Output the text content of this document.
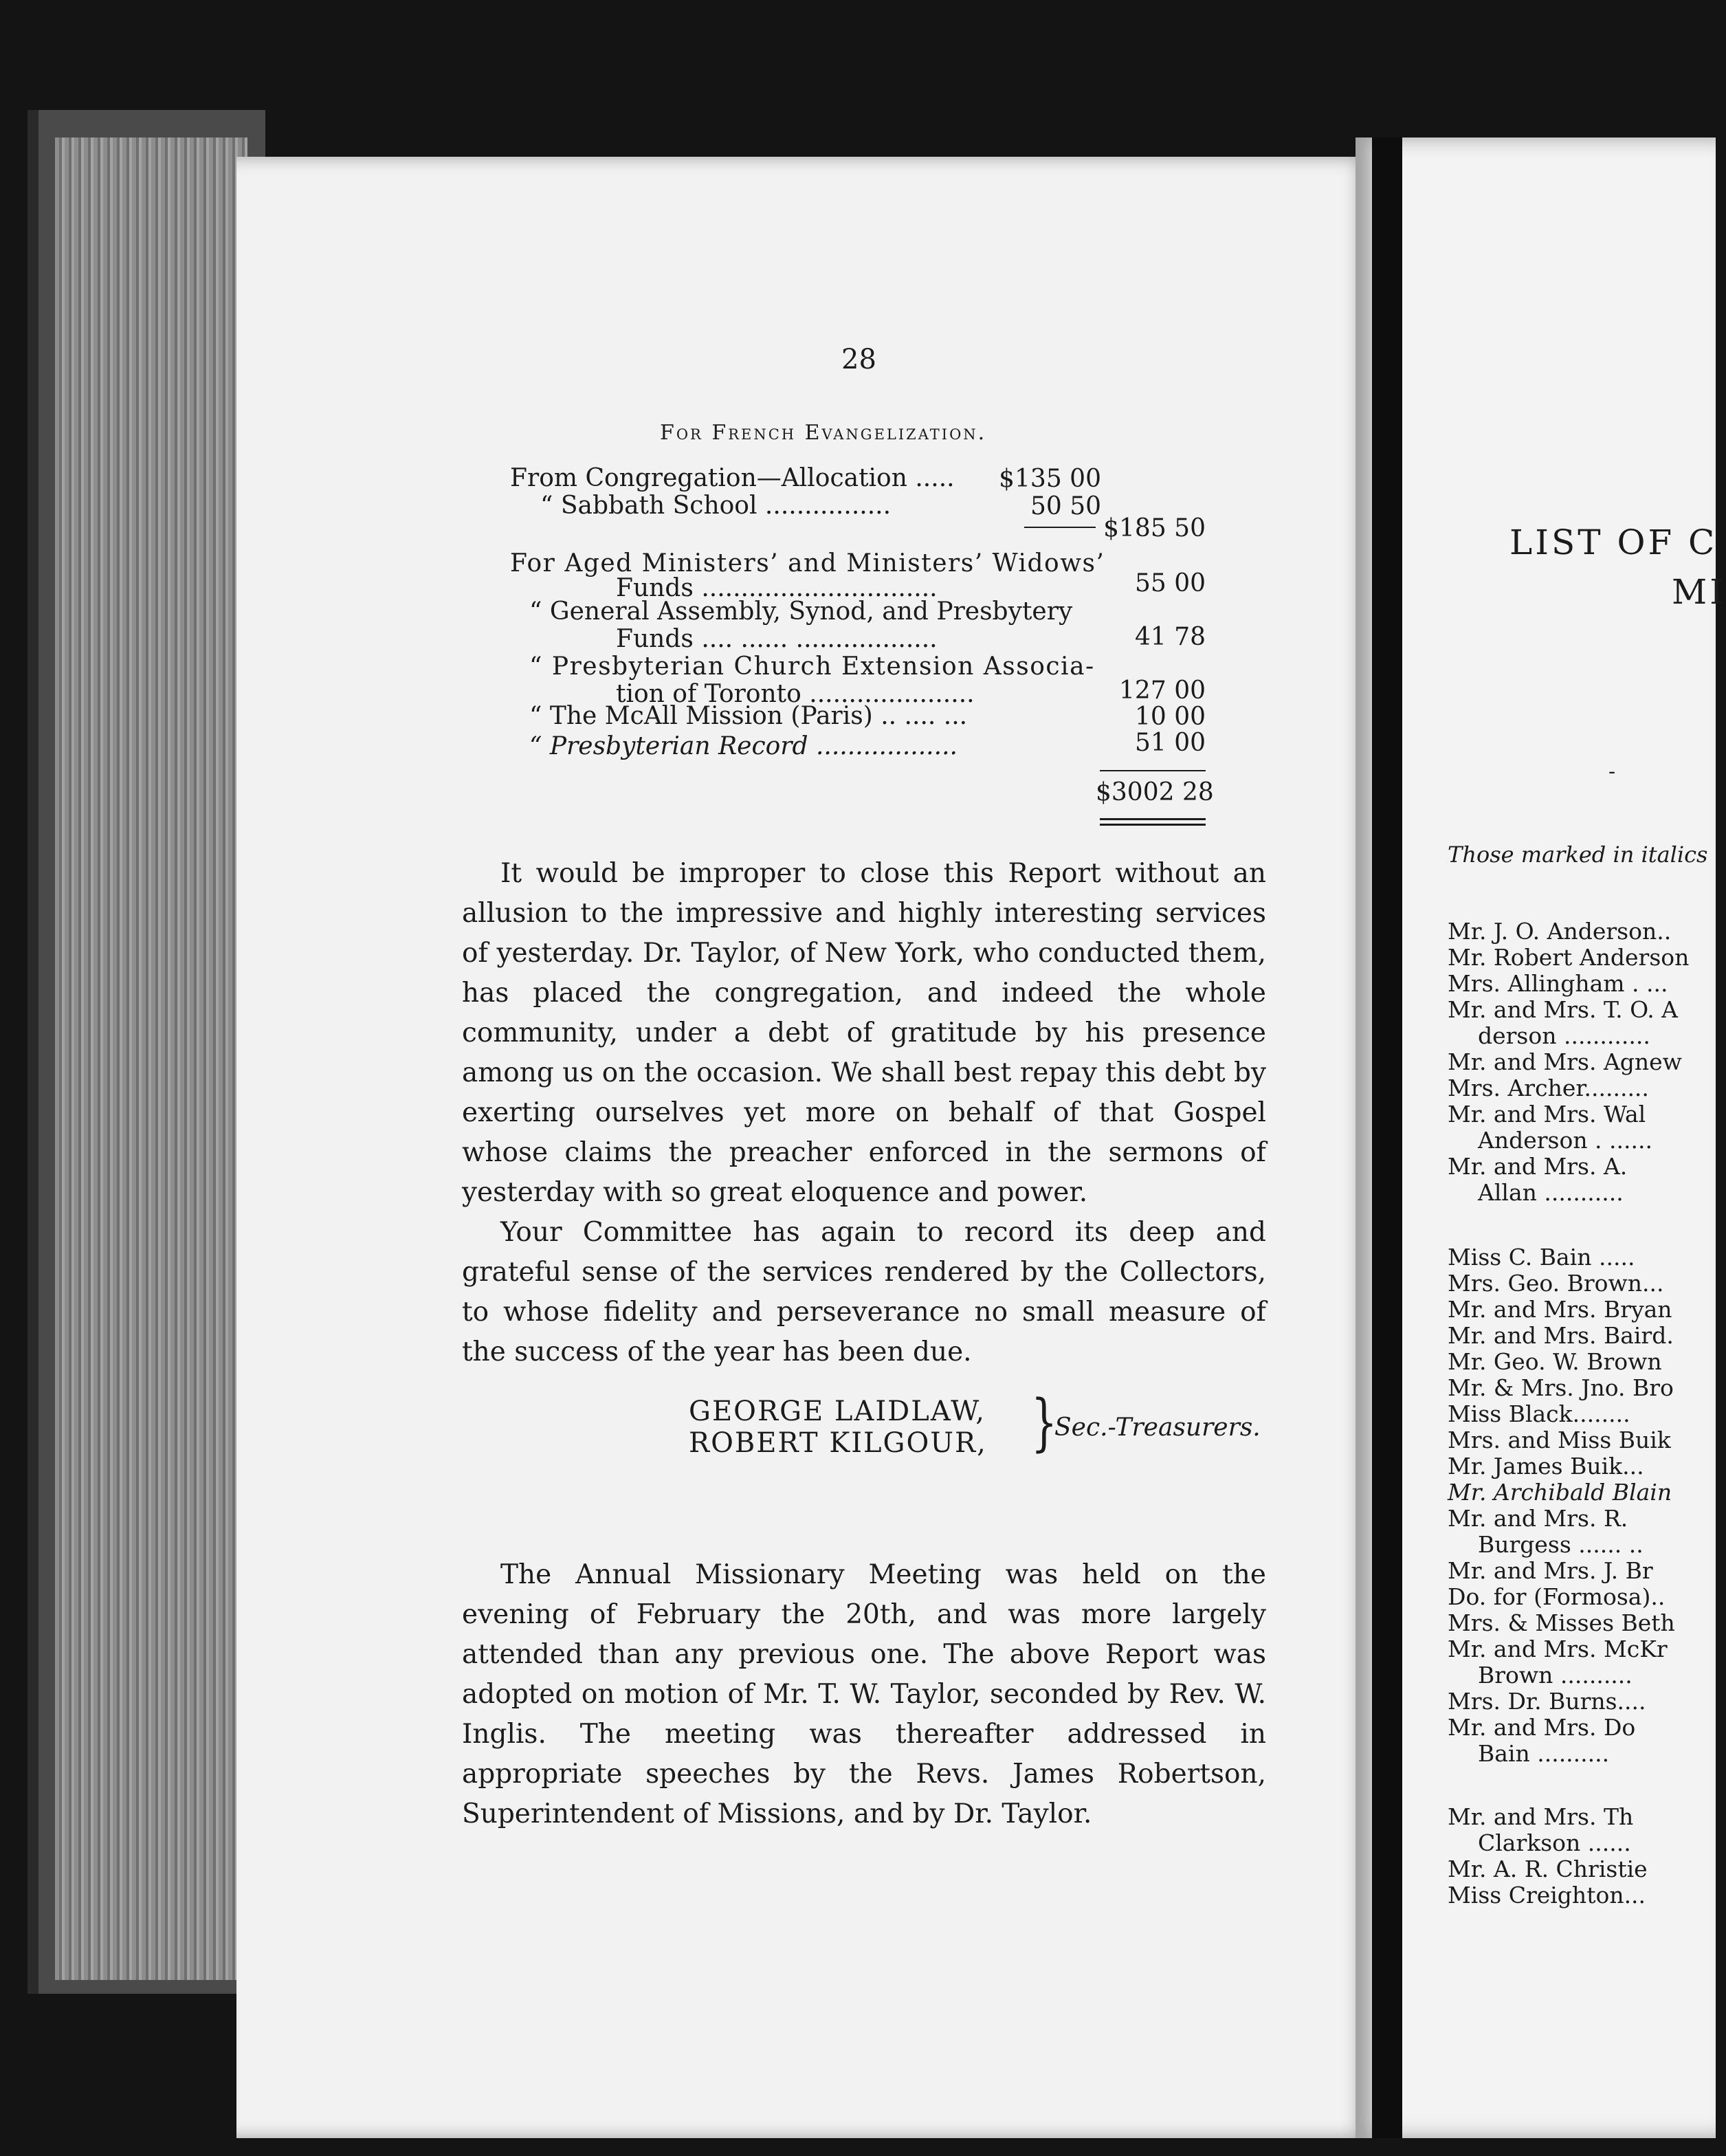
LIST OF C
MI
-
Those marked in italics
Mr. J. O. Anderson..
Mr. Robert Anderson
Mrs. Allingham . ...
Mr. and Mrs. T. O. A
derson ............
Mr. and Mrs. Agnew
Mrs. Archer.........
Mr. and Mrs. Wal
Anderson . ......
Mr. and Mrs. A.
Allan ...........
Miss C. Bain .....
Mrs. Geo. Brown...
Mr. and Mrs. Bryan
Mr. and Mrs. Baird.
Mr. Geo. W. Brown
Mr. & Mrs. Jno. Bro
Miss Black........
Mrs. and Miss Buik
Mr. James Buik...
Mr. Archibald Blain
Mr. and Mrs. R.
Burgess ...... ..
Mr. and Mrs. J. Br
Do. for (Formosa)..
Mrs. & Misses Beth
Mr. and Mrs. McKr
Brown ..........
Mrs. Dr. Burns....
Mr. and Mrs. Do
Bain ..........
Mr. and Mrs. Th
Clarkson ......
Mr. A. R. Christie
Miss Creighton...
28
For French Evangelization.
From Congregation—Allocation .....	$135 00
“ Sabbath School ................	50 50
$185 50
For Aged Ministers’ and Ministers’ Widows’
Funds ..............................	55 00
“ General Assembly, Synod, and Presbytery
Funds .... ...... ..................	41 78
“ Presbyterian Church Extension Associa-
tion of Toronto .....................	127 00
“ The McAll Mission (Paris) .. .... ...	10 00
“ Presbyterian Record ..................	51 00
$3002 28

It would be improper to close this Report without an allusion to the impressive and highly interesting services of yesterday. Dr. Taylor, of New York, who conducted them, has placed the congregation, and indeed the whole community, under a debt of gratitude by his presence among us on the occasion. We shall best repay this debt by exerting ourselves yet more on behalf of that Gospel whose claims the preacher enforced in the sermons of yesterday with so great eloquence and power.

Your Committee has again to record its deep and grateful sense of the services rendered by the Collectors, to whose fidelity and perseverance no small measure of the success of the year has been due.

GEORGE LAIDLAW,
ROBERT KILGOUR, }
Sec.-Treasurers.

The Annual Missionary Meeting was held on the evening of February the 20th, and was more largely attended than any previous one. The above Report was adopted on motion of Mr. T. W. Taylor, seconded by Rev. W. Inglis. The meeting was thereafter addressed in appropriate speeches by the Revs. James Robertson, Superintendent of Missions, and by Dr. Taylor.
